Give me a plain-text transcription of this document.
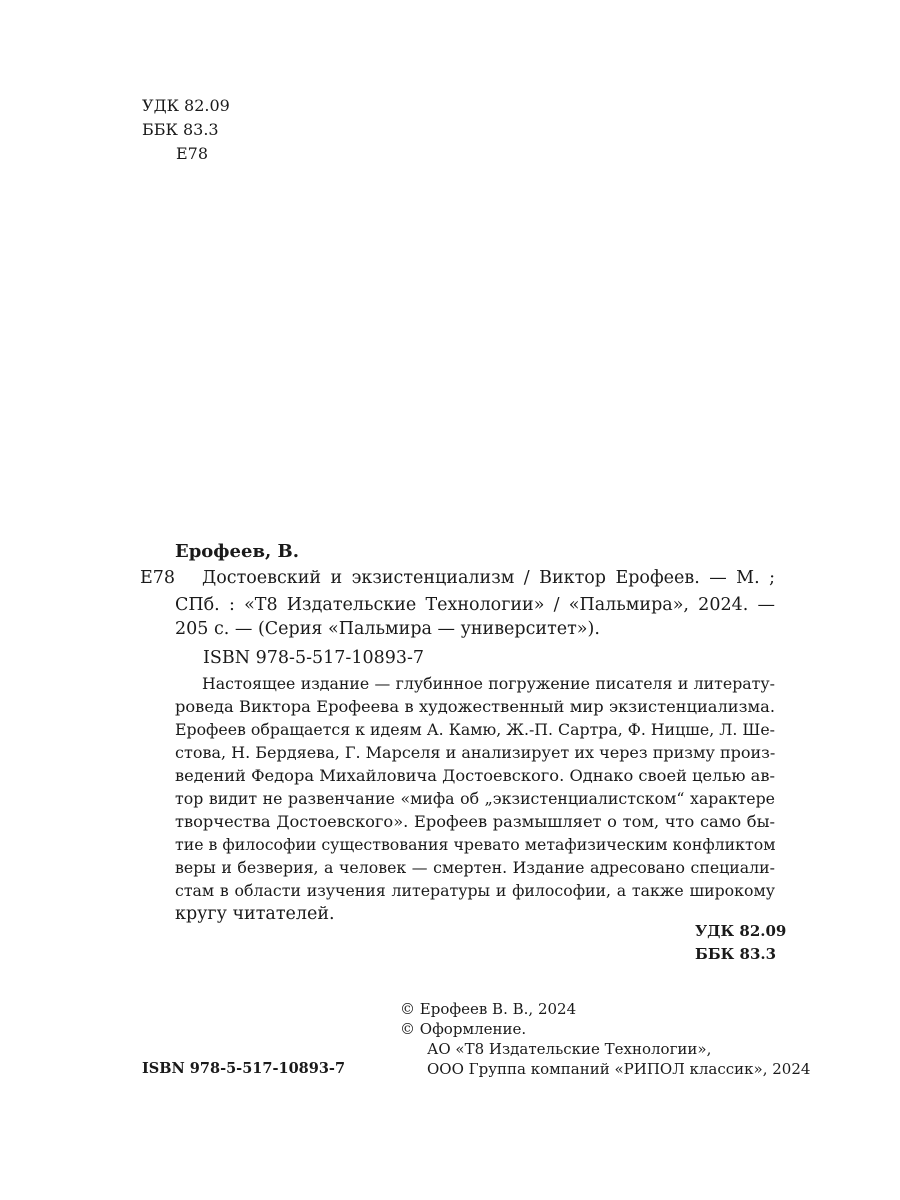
УДК 82.09
ББК 83.3
Е78
Ерофеев, В.
Е78 Достоевский и экзистенциализм / Виктор Ерофеев. — М. ;
СПб. : «Т8 Издательские Технологии» / «Пальмира», 2024. —
205 с. — (Серия «Пальмира — университет»).
ISBN 978-5-517-10893-7
Настоящее издание — глубинное погружение писателя и литерату-
роведа Виктора Ерофеева в художественный мир экзистенциализма.
Ерофеев обращается к идеям А. Камю, Ж.-П. Сартра, Ф. Ницше, Л. Ше-
стова, Н. Бердяева, Г. Марселя и анализирует их через призму произ-
ведений Федора Михайловича Достоевского. Однако своей целью ав-
тор видит не развенчание «мифа об „экзистенциалистском“ характере
творчества Достоевского». Ерофеев размышляет о том, что само бы-
тие в философии существования чревато метафизическим конфликтом
веры и безверия, а человек — смертен. Издание адресовано специали-
стам в области изучения литературы и философии, а также широкому
кругу читателей.
УДК 82.09
ББК 83.3
© Ерофеев В. В., 2024
© Оформление.
АО «Т8 Издательские Технологии»,
ООО Группа компаний «РИПОЛ классик», 2024
ISBN 978-5-517-10893-7
